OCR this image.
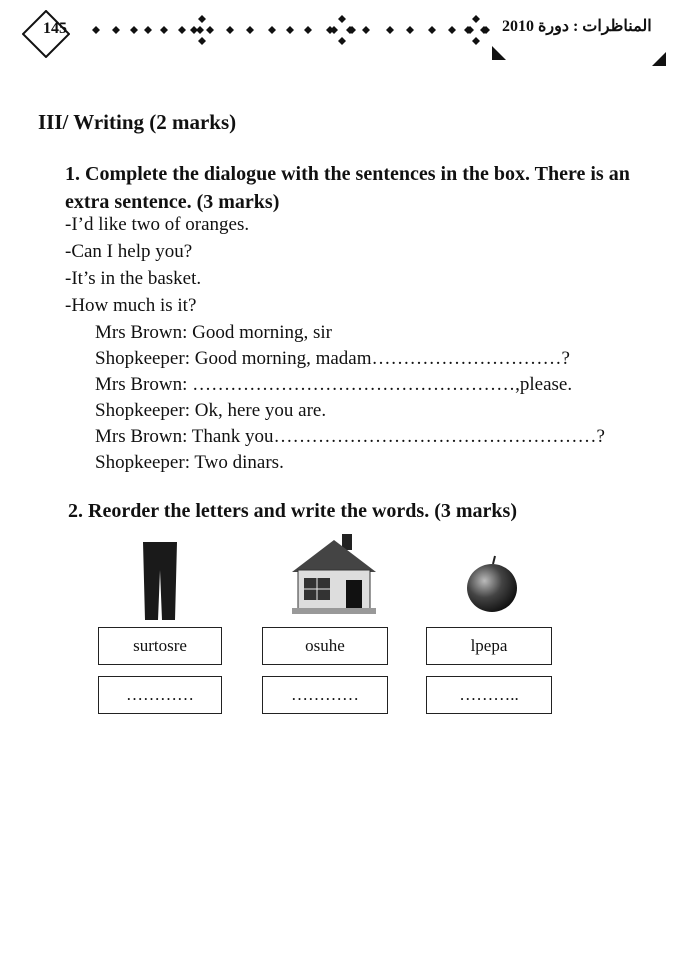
145	المناظرات : دورة 2010
III/ Writing (2 marks)
1. Complete the dialogue with the sentences in the box. There is an extra sentence. (3 marks)
-I’d like two of oranges.
-Can I help you?
-It’s in the basket.
-How much is it?
Mrs Brown: Good morning, sir
Shopkeeper: Good morning, madam…………………………?
Mrs Brown: ……………………………………………,please.
Shopkeeper: Ok, here you are.
Mrs Brown: Thank you……………………………………………?
Shopkeeper: Two dinars.
2. Reorder the letters and write the words. (3 marks)
surtosre	osuhe	lpepa
…………	…………	………..
